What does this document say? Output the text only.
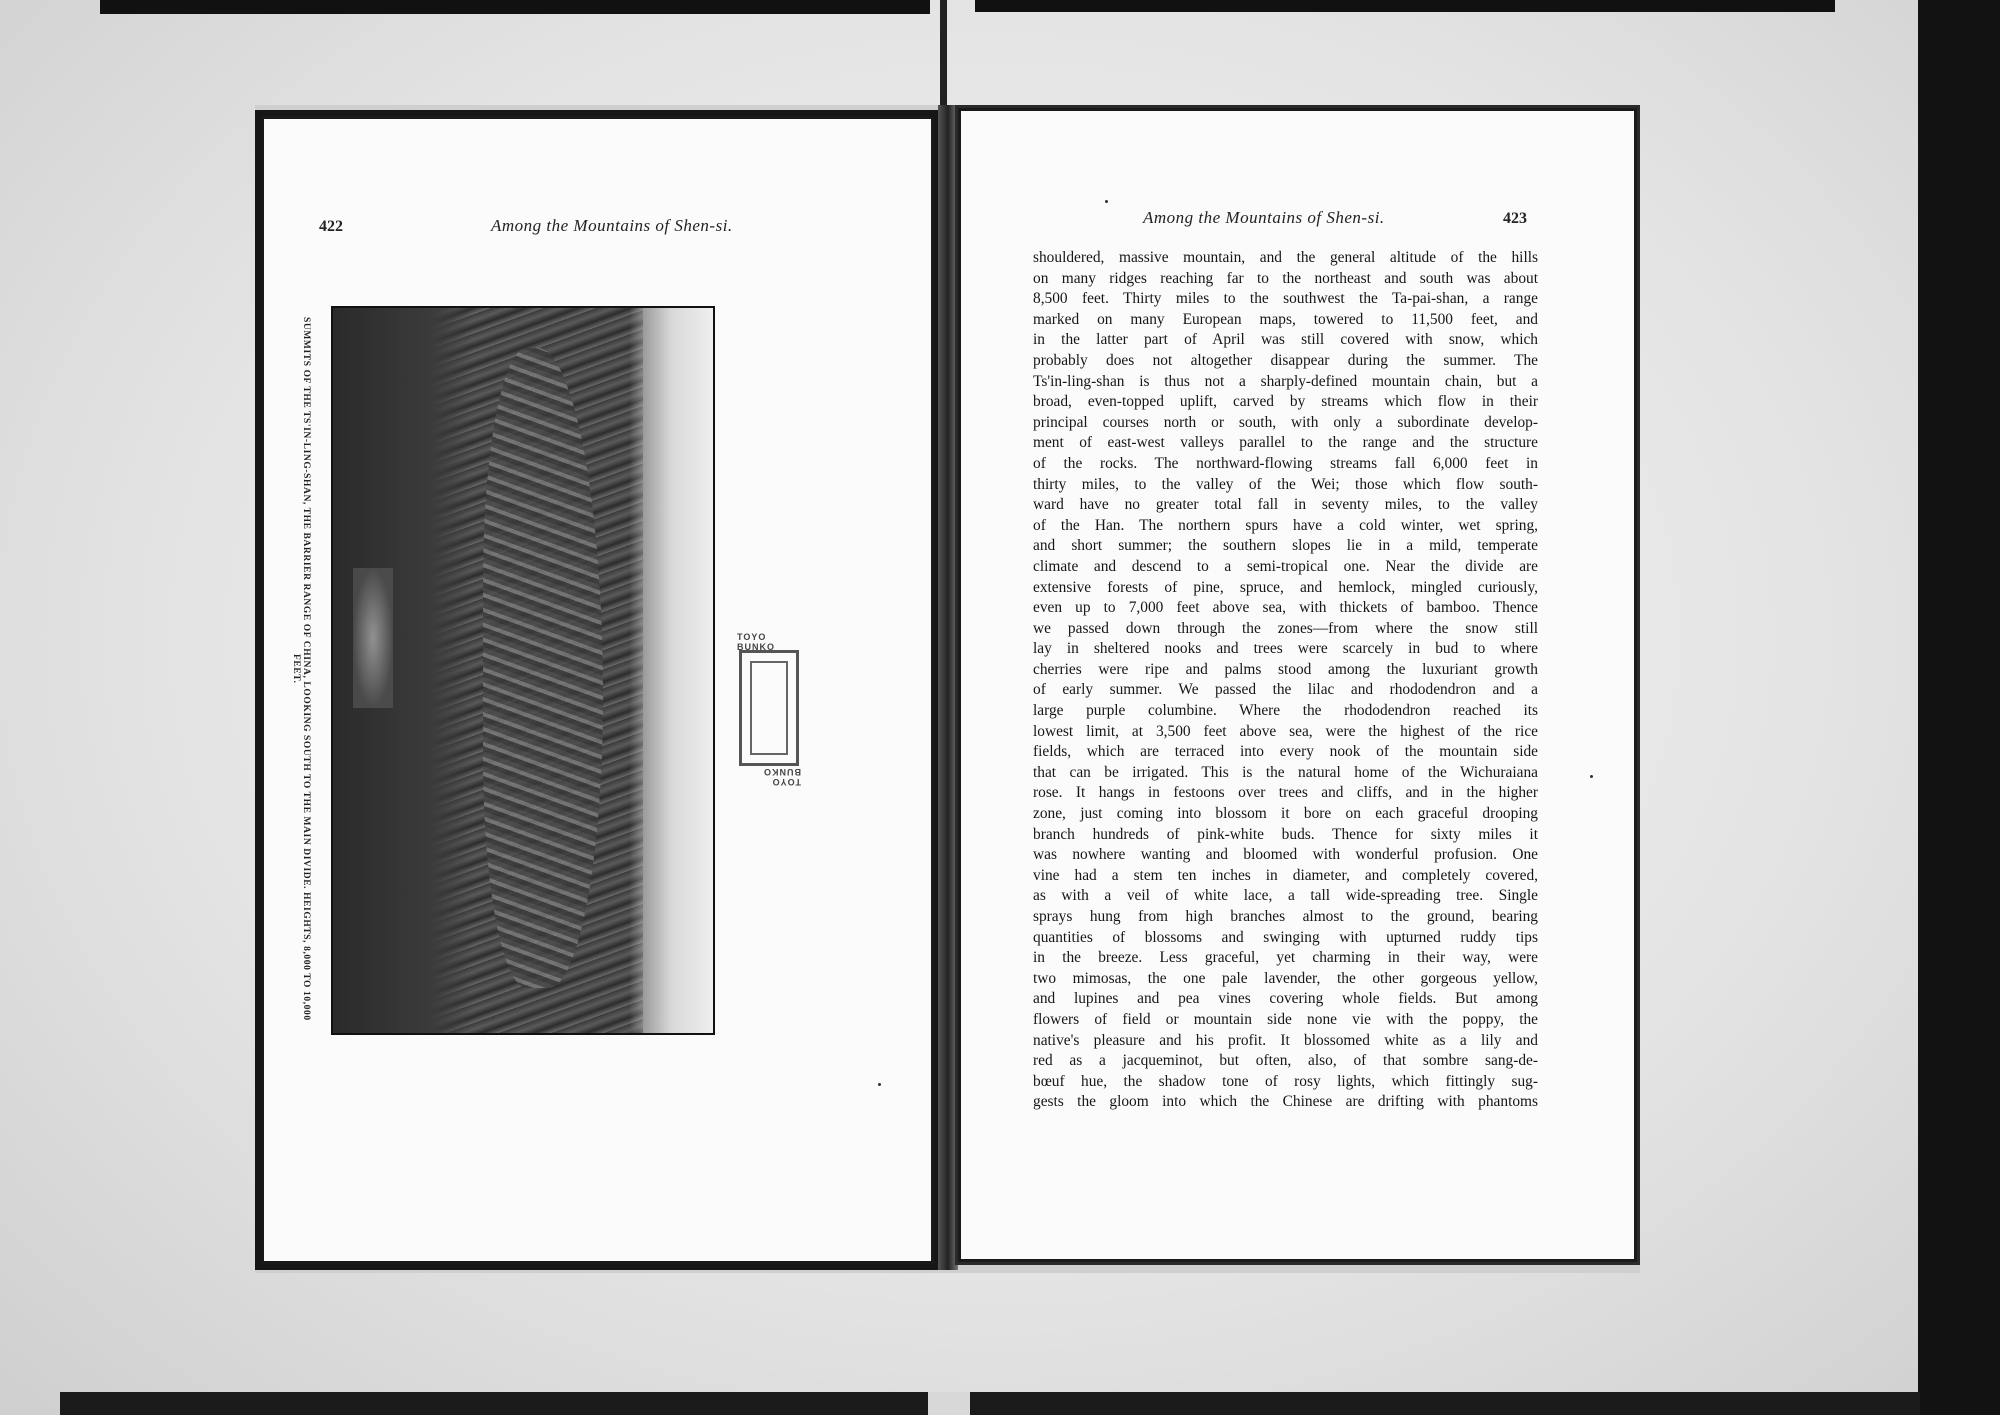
422	Among the Mountains of Shen-si.
SUMMITS OF THE TS'IN-LING-SHAN, THE BARRIER RANGE OF CHINA, LOOKING SOUTH TO THE MAIN DIVIDE. HEIGHTS, 8,000 TO 10,000 FEET.
Among the Mountains of Shen-si.	423
shouldered, massive mountain, and the general altitude of the hills
on many ridges reaching far to the northeast and south was about
8,500 feet. Thirty miles to the southwest the Ta-pai-shan, a range
marked on many European maps, towered to 11,500 feet, and
in the latter part of April was still covered with snow, which
probably does not altogether disappear during the summer. The
Ts'in-ling-shan is thus not a sharply-defined mountain chain, but a
broad, even-topped uplift, carved by streams which flow in their
principal courses north or south, with only a subordinate develop-
ment of east-west valleys parallel to the range and the structure
of the rocks. The northward-flowing streams fall 6,000 feet in
thirty miles, to the valley of the Wei; those which flow south-
ward have no greater total fall in seventy miles, to the valley
of the Han. The northern spurs have a cold winter, wet spring,
and short summer; the southern slopes lie in a mild, temperate
climate and descend to a semi-tropical one. Near the divide are
extensive forests of pine, spruce, and hemlock, mingled curiously,
even up to 7,000 feet above sea, with thickets of bamboo. Thence
we passed down through the zones—from where the snow still
lay in sheltered nooks and trees were scarcely in bud to where
cherries were ripe and palms stood among the luxuriant growth
of early summer. We passed the lilac and rhododendron and a
large purple columbine. Where the rhododendron reached its
lowest limit, at 3,500 feet above sea, were the highest of the rice
fields, which are terraced into every nook of the mountain side
that can be irrigated. This is the natural home of the Wichuraiana
rose. It hangs in festoons over trees and cliffs, and in the higher
zone, just coming into blossom it bore on each graceful drooping
branch hundreds of pink-white buds. Thence for sixty miles it
was nowhere wanting and bloomed with wonderful profusion. One
vine had a stem ten inches in diameter, and completely covered,
as with a veil of white lace, a tall wide-spreading tree. Single
sprays hung from high branches almost to the ground, bearing
quantities of blossoms and swinging with upturned ruddy tips
in the breeze. Less graceful, yet charming in their way, were
two mimosas, the one pale lavender, the other gorgeous yellow,
and lupines and pea vines covering whole fields. But among
flowers of field or mountain side none vie with the poppy, the
native's pleasure and his profit. It blossomed white as a lily and
red as a jacqueminot, but often, also, of that sombre sang-de-
bœuf hue, the shadow tone of rosy lights, which fittingly sug-
gests the gloom into which the Chinese are drifting with phantoms
TOYO BUNKO
TOYO BUNKO
